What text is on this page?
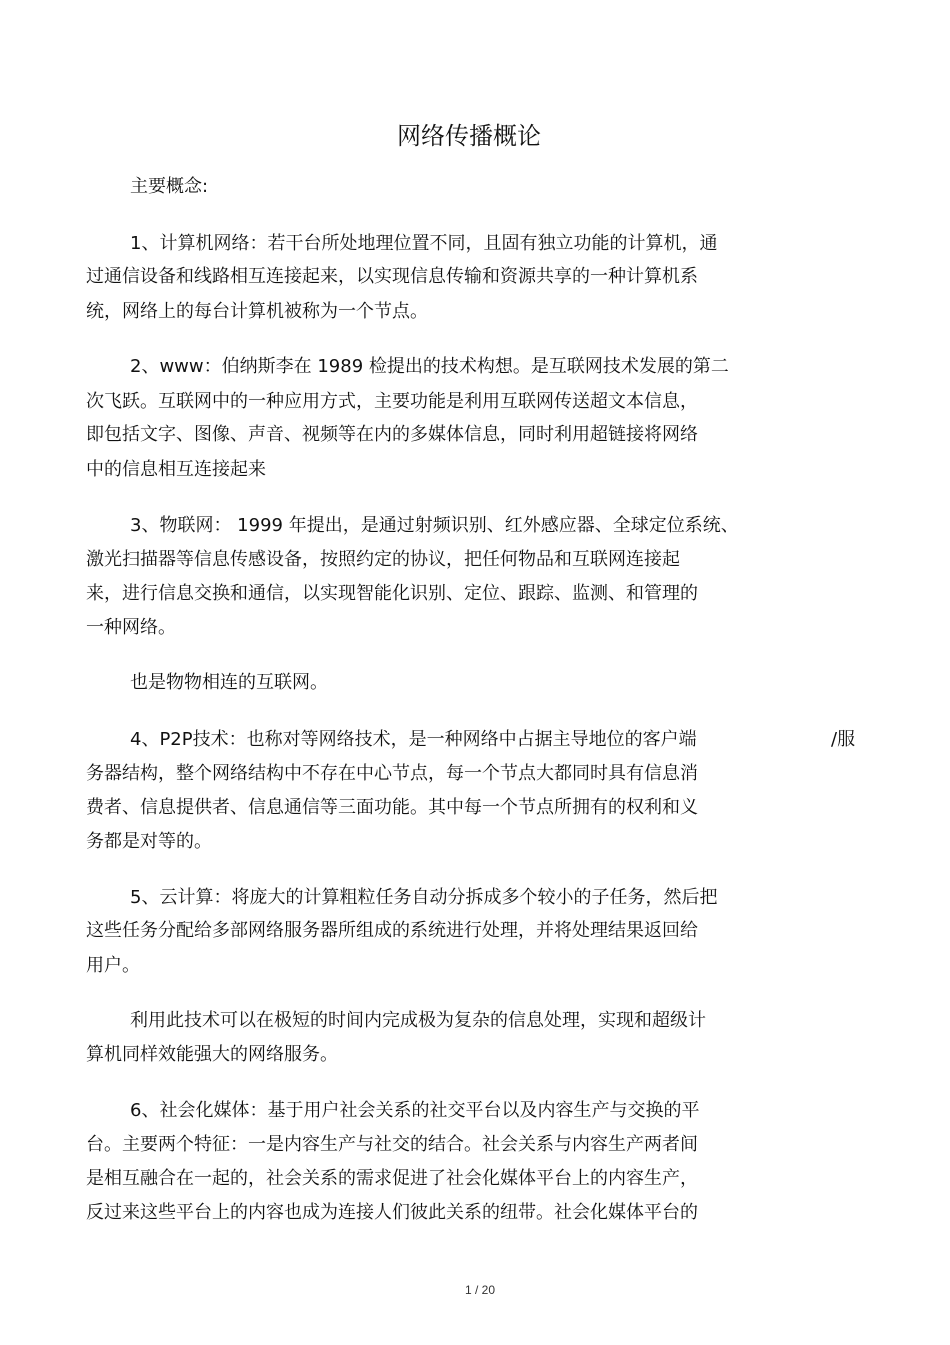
网络传播概论

主要概念:

1、计算机网络：若干台所处地理位置不同，且固有独立功能的计算机，通

过通信设备和线路相互连接起来，以实现信息传输和资源共享的一种计算机系

统，网络上的每台计算机被称为一个节点。

2、www：伯纳斯李在 1989 检提出的技术构想。是互联网技术发展的第二

次飞跃。互联网中的一种应用方式，主要功能是利用互联网传送超文本信息，

即包括文字、图像、声音、视频等在内的多媒体信息，同时利用超链接将网络

中的信息相互连接起来

3、物联网： 1999 年提出，是通过射频识别、红外感应器、全球定位系统、

激光扫描器等信息传感设备，按照约定的协议，把任何物品和互联网连接起

来，进行信息交换和通信，以实现智能化识别、定位、跟踪、监测、和管理的

一种网络。

也是物物相连的互联网。

4、P2P技术：也称对等网络技术，是一种网络中占据主导地位的客户端	/服

务器结构，整个网络结构中不存在中心节点，每一个节点大都同时具有信息消

费者、信息提供者、信息通信等三面功能。其中每一个节点所拥有的权利和义

务都是对等的。

5、云计算：将庞大的计算粗粒任务自动分拆成多个较小的子任务，然后把

这些任务分配给多部网络服务器所组成的系统进行处理，并将处理结果返回给

用户。

利用此技术可以在极短的时间内完成极为复杂的信息处理，实现和超级计

算机同样效能强大的网络服务。

6、社会化媒体：基于用户社会关系的社交平台以及内容生产与交换的平

台。主要两个特征：一是内容生产与社交的结合。社会关系与内容生产两者间

是相互融合在一起的，社会关系的需求促进了社会化媒体平台上的内容生产，

反过来这些平台上的内容也成为连接人们彼此关系的纽带。社会化媒体平台的

1 / 20
